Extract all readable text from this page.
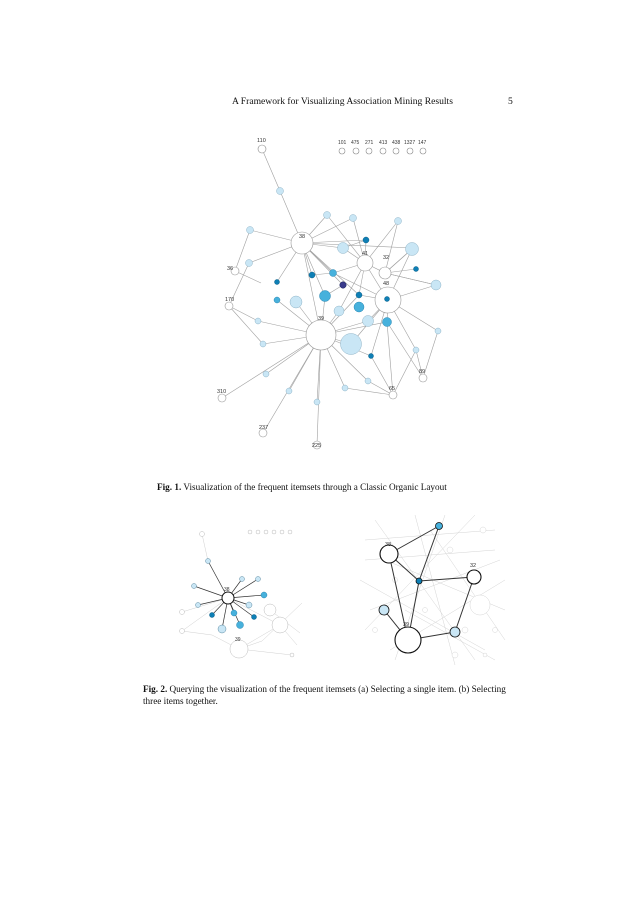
A Framework for Visualizing Association Mining Results	5
110
38
41
32
36
48
170
39
89
65
310
237
225
101 475 271 413 438 1327 147
Fig. 1. Visualization of the frequent itemsets through a Classic Organic Layout
38
39
38
32
39
Fig. 2. Querying the visualization of the frequent itemsets (a) Selecting a single item. (b) Selecting three items together.
